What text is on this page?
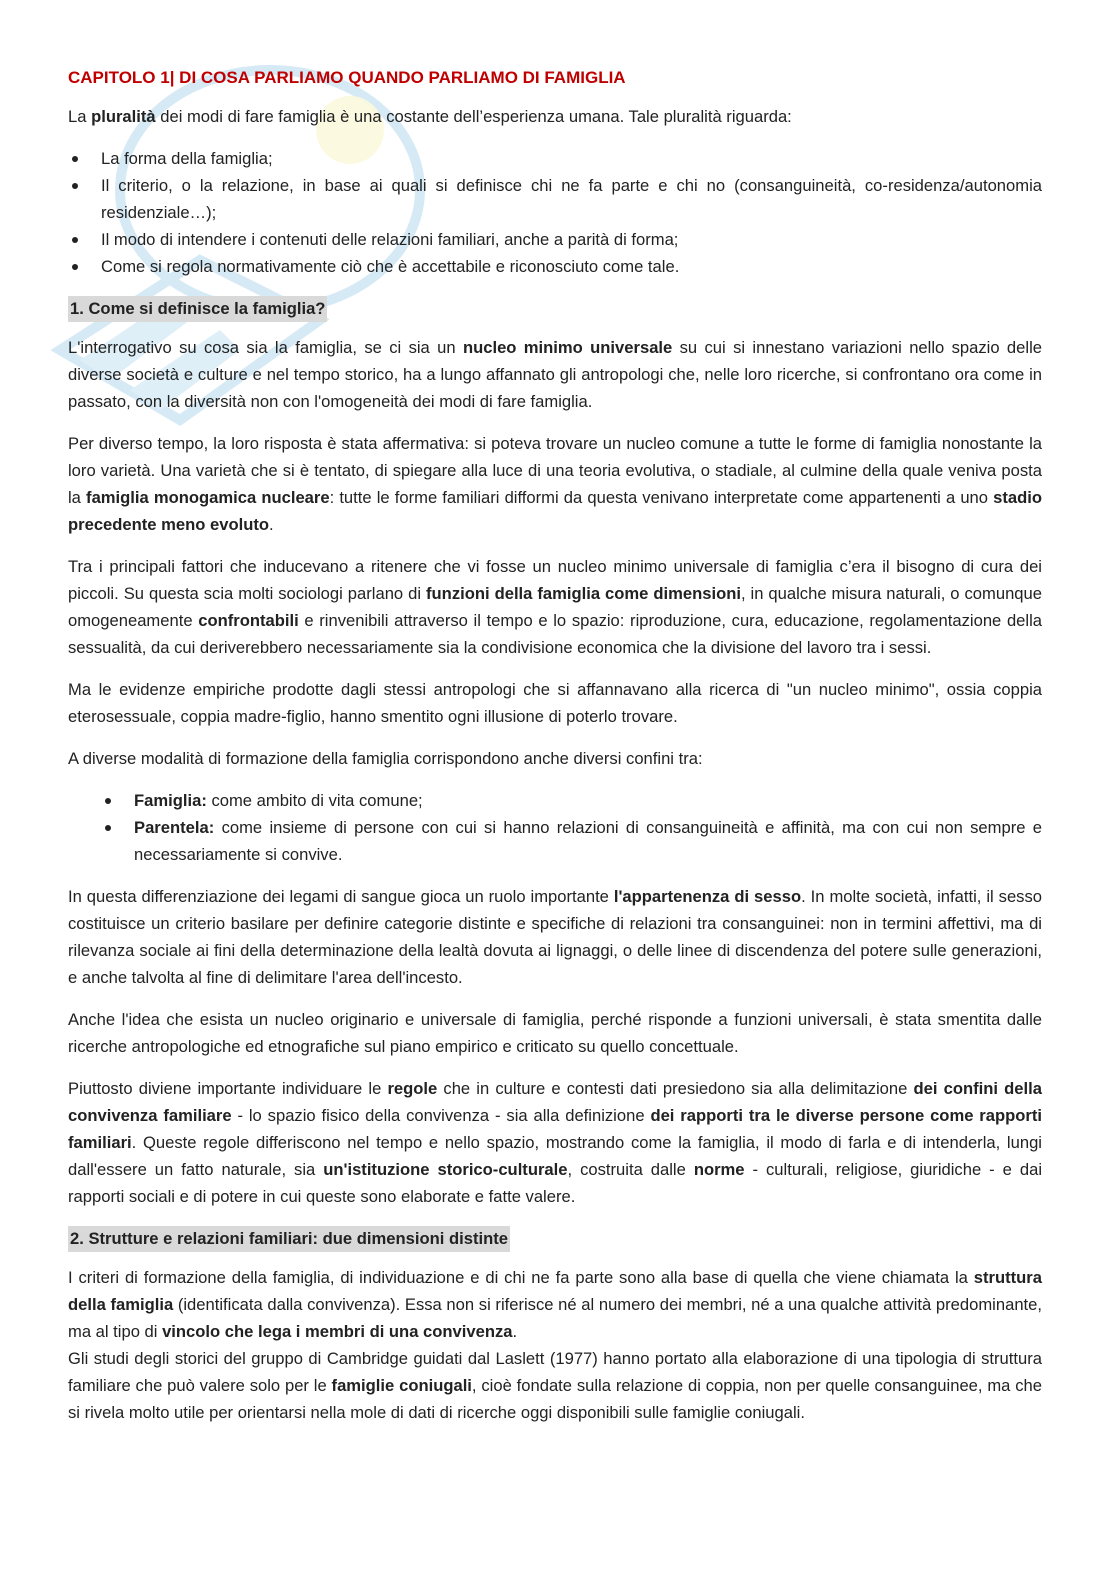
CAPITOLO 1| DI COSA PARLIAMO QUANDO PARLIAMO DI FAMIGLIA

La pluralità dei modi di fare famiglia è una costante dell’esperienza umana. Tale pluralità riguarda:

La forma della famiglia;
Il criterio, o la relazione, in base ai quali si definisce chi ne fa parte e chi no (consanguineità, co-residenza/autonomia residenziale…);
Il modo di intendere i contenuti delle relazioni familiari, anche a parità di forma;
Come si regola normativamente ciò che è accettabile e riconosciuto come tale.
1. Come si definisce la famiglia?

L'interrogativo su cosa sia la famiglia, se ci sia un nucleo minimo universale su cui si innestano variazioni nello spazio delle diverse società e culture e nel tempo storico, ha a lungo affannato gli antropologi che, nelle loro ricerche, si confrontano ora come in passato, con la diversità non con l'omogeneità dei modi di fare famiglia.

Per diverso tempo, la loro risposta è stata affermativa: si poteva trovare un nucleo comune a tutte le forme di famiglia nonostante la loro varietà. Una varietà che si è tentato, di spiegare alla luce di una teoria evolutiva, o stadiale, al culmine della quale veniva posta la famiglia monogamica nucleare: tutte le forme familiari difformi da questa venivano interpretate come appartenenti a uno stadio precedente meno evoluto.

Tra i principali fattori che inducevano a ritenere che vi fosse un nucleo minimo universale di famiglia c’era il bisogno di cura dei piccoli. Su questa scia molti sociologi parlano di funzioni della famiglia come dimensioni, in qualche misura naturali, o comunque omogeneamente confrontabili e rinvenibili attraverso il tempo e lo spazio: riproduzione, cura, educazione, regolamentazione della sessualità, da cui deriverebbero necessariamente sia la condivisione economica che la divisione del lavoro tra i sessi.

Ma le evidenze empiriche prodotte dagli stessi antropologi che si affannavano alla ricerca di "un nucleo minimo", ossia coppia eterosessuale, coppia madre-figlio, hanno smentito ogni illusione di poterlo trovare.

A diverse modalità di formazione della famiglia corrispondono anche diversi confini tra:

Famiglia: come ambito di vita comune;
Parentela: come insieme di persone con cui si hanno relazioni di consanguineità e affinità, ma con cui non sempre e necessariamente si convive.

In questa differenziazione dei legami di sangue gioca un ruolo importante l'appartenenza di sesso. In molte società, infatti, il sesso costituisce un criterio basilare per definire categorie distinte e specifiche di relazioni tra consanguinei: non in termini affettivi, ma di rilevanza sociale ai fini della determinazione della lealtà dovuta ai lignaggi, o delle linee di discendenza del potere sulle generazioni, e anche talvolta al fine di delimitare l'area dell'incesto.

Anche l'idea che esista un nucleo originario e universale di famiglia, perché risponde a funzioni universali, è stata smentita dalle ricerche antropologiche ed etnografiche sul piano empirico e criticato su quello concettuale.

Piuttosto diviene importante individuare le regole che in culture e contesti dati presiedono sia alla delimitazione dei confini della convivenza familiare - lo spazio fisico della convivenza - sia alla definizione dei rapporti tra le diverse persone come rapporti familiari. Queste regole differiscono nel tempo e nello spazio, mostrando come la famiglia, il modo di farla e di intenderla, lungi dall'essere un fatto naturale, sia un'istituzione storico-culturale, costruita dalle norme - culturali, religiose, giuridiche - e dai rapporti sociali e di potere in cui queste sono elaborate e fatte valere.

2. Strutture e relazioni familiari: due dimensioni distinte

I criteri di formazione della famiglia, di individuazione e di chi ne fa parte sono alla base di quella che viene chiamata la struttura della famiglia (identificata dalla convivenza). Essa non si riferisce né al numero dei membri, né a una qualche attività predominante, ma al tipo di vincolo che lega i membri di una convivenza.

Gli studi degli storici del gruppo di Cambridge guidati dal Laslett (1977) hanno portato alla elaborazione di una tipologia di struttura familiare che può valere solo per le famiglie coniugali, cioè fondate sulla relazione di coppia, non per quelle consanguinee, ma che si rivela molto utile per orientarsi nella mole di dati di ricerche oggi disponibili sulle famiglie coniugali.
